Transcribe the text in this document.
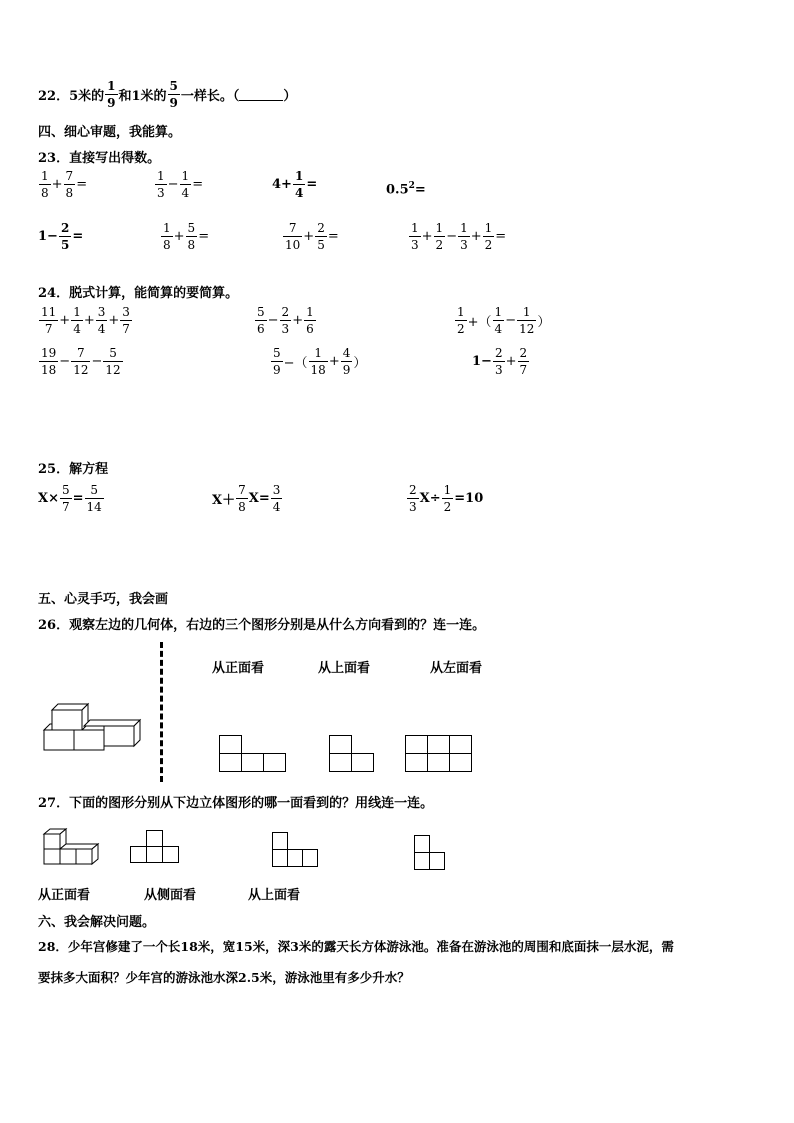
22．5米的 $\frac{1}{9}$ 和1米的 $\frac{5}{9}$ 一样长。（	）
四、细心审题，我能算。
23．直接写出得数。
$\frac{1}{8} + \frac{7}{8}$ =	$\frac{1}{3} - \frac{1}{4}$ =	$4+ \frac{1}{4}$ =	$0.5^2=$
$1- \frac{2}{5}$ =	$\frac{1}{8} + \frac{5}{8}$ =	$\frac{7}{10} + \frac{2}{5}$ =	$\frac{1}{3} + \frac{1}{2} - \frac{1}{3} + \frac{1}{2}$ =
24．脱式计算，能简算的要简算。
$\frac{11}{7} + \frac{1}{4} + \frac{3}{4} + \frac{3}{7}$	$\frac{5}{6} - \frac{2}{3} + \frac{1}{6}$	$\frac{1}{2}$ +（ $\frac{1}{4} - \frac{1}{12}$ ）
$\frac{19}{18} - \frac{7}{12} - \frac{5}{12}$	$\frac{5}{9}$ −（ $\frac{1}{18} + \frac{4}{9}$ ）	$1- \frac{2}{3} + \frac{2}{7}$
25．解方程
$X\times \frac{5}{7} = \frac{5}{14}$	$X+ \frac{7}{8} X= \frac{3}{4}$	$\frac{2}{3} X\div \frac{1}{2} =10$
五、心灵手巧，我会画
26．观察左边的几何体，右边的三个图形分别是从什么方向看到的？连一连。
从正面看	从上面看	从左面看
27．下面的图形分别从下边立体图形的哪一面看到的？用线连一连。
从正面看	从侧面看	从上面看
六、我会解决问题。
28．少年宫修建了一个长18米，宽15米，深3米的露天长方体游泳池。准备在游泳池的周围和底面抹一层水泥，需
要抹多大面积？少年宫的游泳池水深2.5米，游泳池里有多少升水？
